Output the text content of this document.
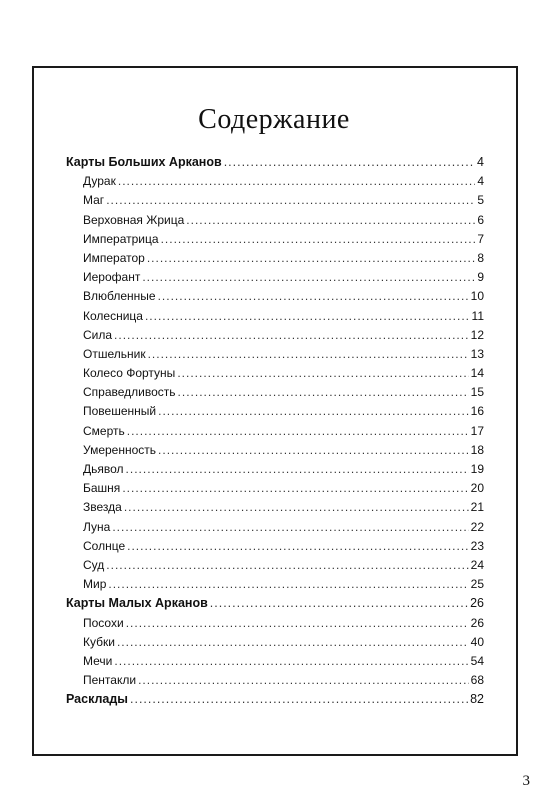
Содержание
Карты Больших Арканов .....	4
Дурак .....	4
Маг .....	5
Верховная Жрица .....	6
Императрица .....	7
Император .....	8
Иерофант .....	9
Влюбленные .....	10
Колесница .....	11
Сила .....	12
Отшельник .....	13
Колесо Фортуны .....	14
Справедливость .....	15
Повешенный .....	16
Смерть .....	17
Умеренность .....	18
Дьявол .....	19
Башня .....	20
Звезда .....	21
Луна .....	22
Солнце .....	23
Суд .....	24
Мир .....	25
Карты Малых Арканов .....	26
Посохи .....	26
Кубки .....	40
Мечи .....	54
Пентакли .....	68
Расклады .....	82
3
